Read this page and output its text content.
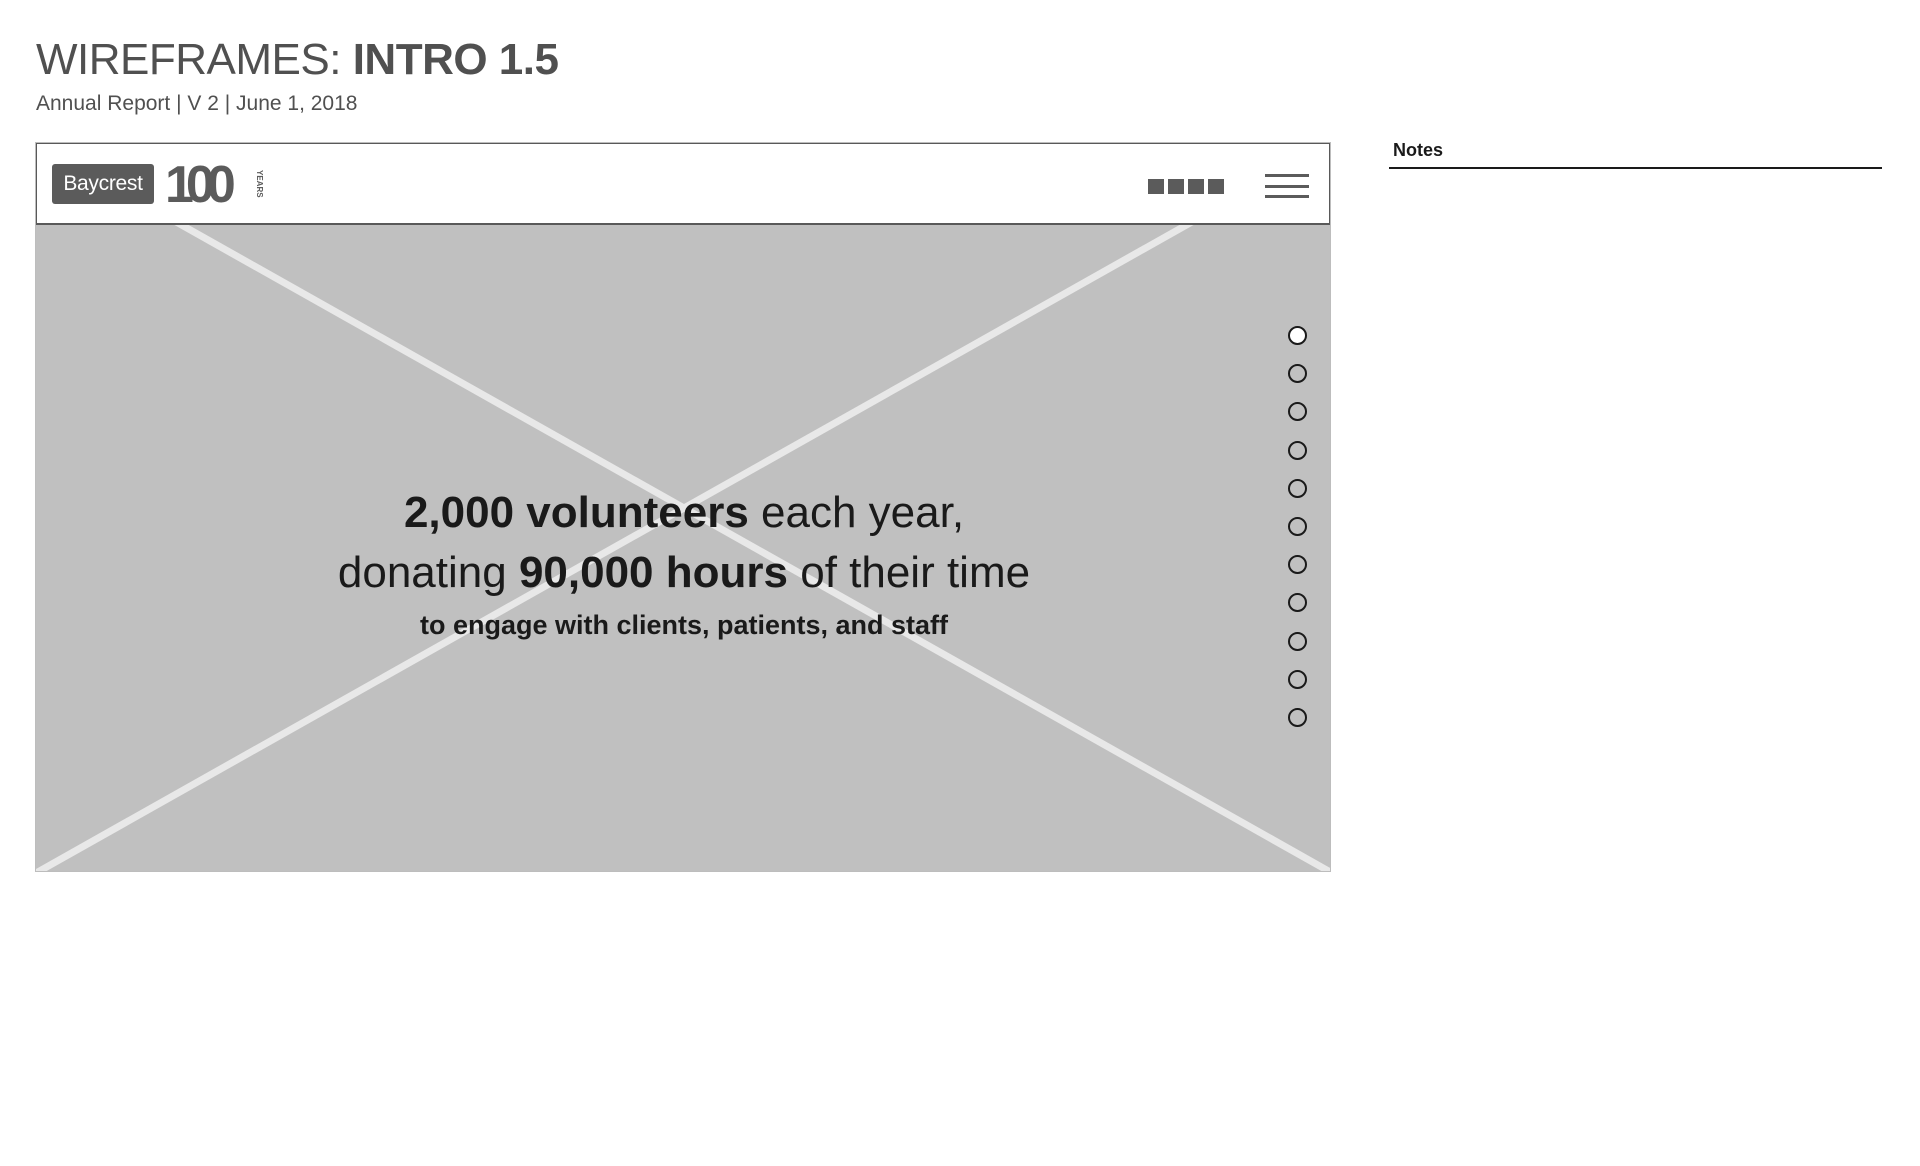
WIREFRAMES: INTRO 1.5
Annual Report | V 2 | June 1, 2018
Baycrest 100	YEARS
2,000 volunteers each year,
donating 90,000 hours of their time
to engage with clients, patients, and staff
Notes
